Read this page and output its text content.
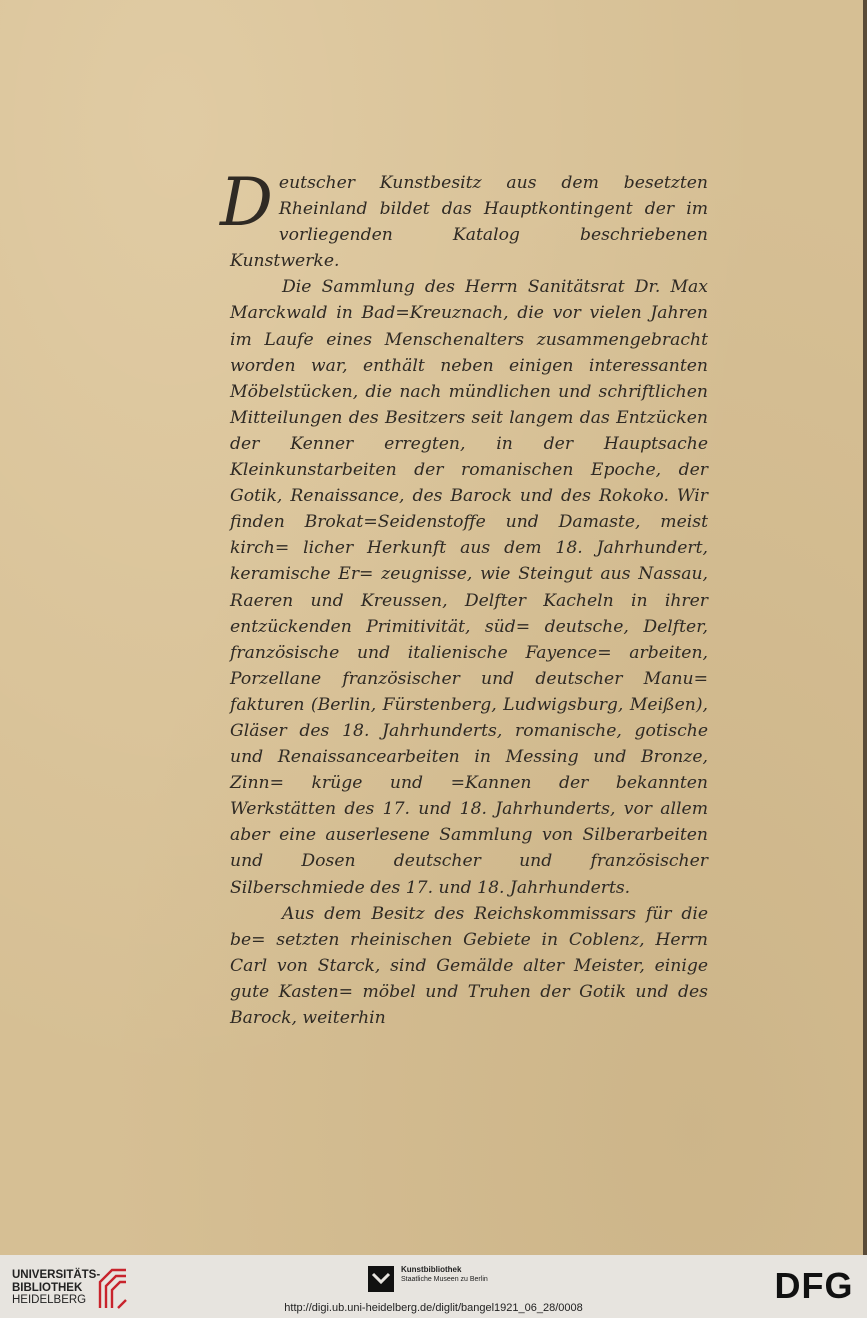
D eutscher Kunstbesitz aus dem besetzten Rheinland bildet das Hauptkontingent der im vorliegenden Katalog beschriebenen Kunstwerke.

Die Sammlung des Herrn Sanitätsrat Dr. Max Marckwald in Bad=Kreuznach, die vor vielen Jahren im Laufe eines Menschenalters zusammengebracht worden war, enthält neben einigen interessanten Möbelstücken, die nach mündlichen und schriftlichen Mitteilungen des Besitzers seit langem das Entzücken der Kenner erregten, in der Hauptsache Kleinkunstarbeiten der romanischen Epoche, der Gotik, Renaissance, des Barock und des Rokoko. Wir finden Brokat=Seidenstoffe und Damaste, meist kirch= licher Herkunft aus dem 18. Jahrhundert, keramische Er= zeugnisse, wie Steingut aus Nassau, Raeren und Kreussen, Delfter Kacheln in ihrer entzückenden Primitivität, süd= deutsche, Delfter, französische und italienische Fayence= arbeiten, Porzellane französischer und deutscher Manu= fakturen (Berlin, Fürstenberg, Ludwigsburg, Meißen), Gläser des 18. Jahrhunderts, romanische, gotische und Renaissancearbeiten in Messing und Bronze, Zinn= krüge und =Kannen der bekannten Werkstätten des 17. und 18. Jahrhunderts, vor allem aber eine auserlesene Sammlung von Silberarbeiten und Dosen deutscher und französischer Silberschmiede des 17. und 18. Jahrhunderts.

Aus dem Besitz des Reichskommissars für die be= setzten rheinischen Gebiete in Coblenz, Herrn Carl von Starck, sind Gemälde alter Meister, einige gute Kasten= möbel und Truhen der Gotik und des Barock, weiterhin

UNIVERSITÄTS-
BIBLIOTHEK
HEIDELBERG
Kunstbibliothek
Staatliche Museen zu Berlin
http://digi.ub.uni-heidelberg.de/diglit/bangel1921_06_28/0008
DFG
